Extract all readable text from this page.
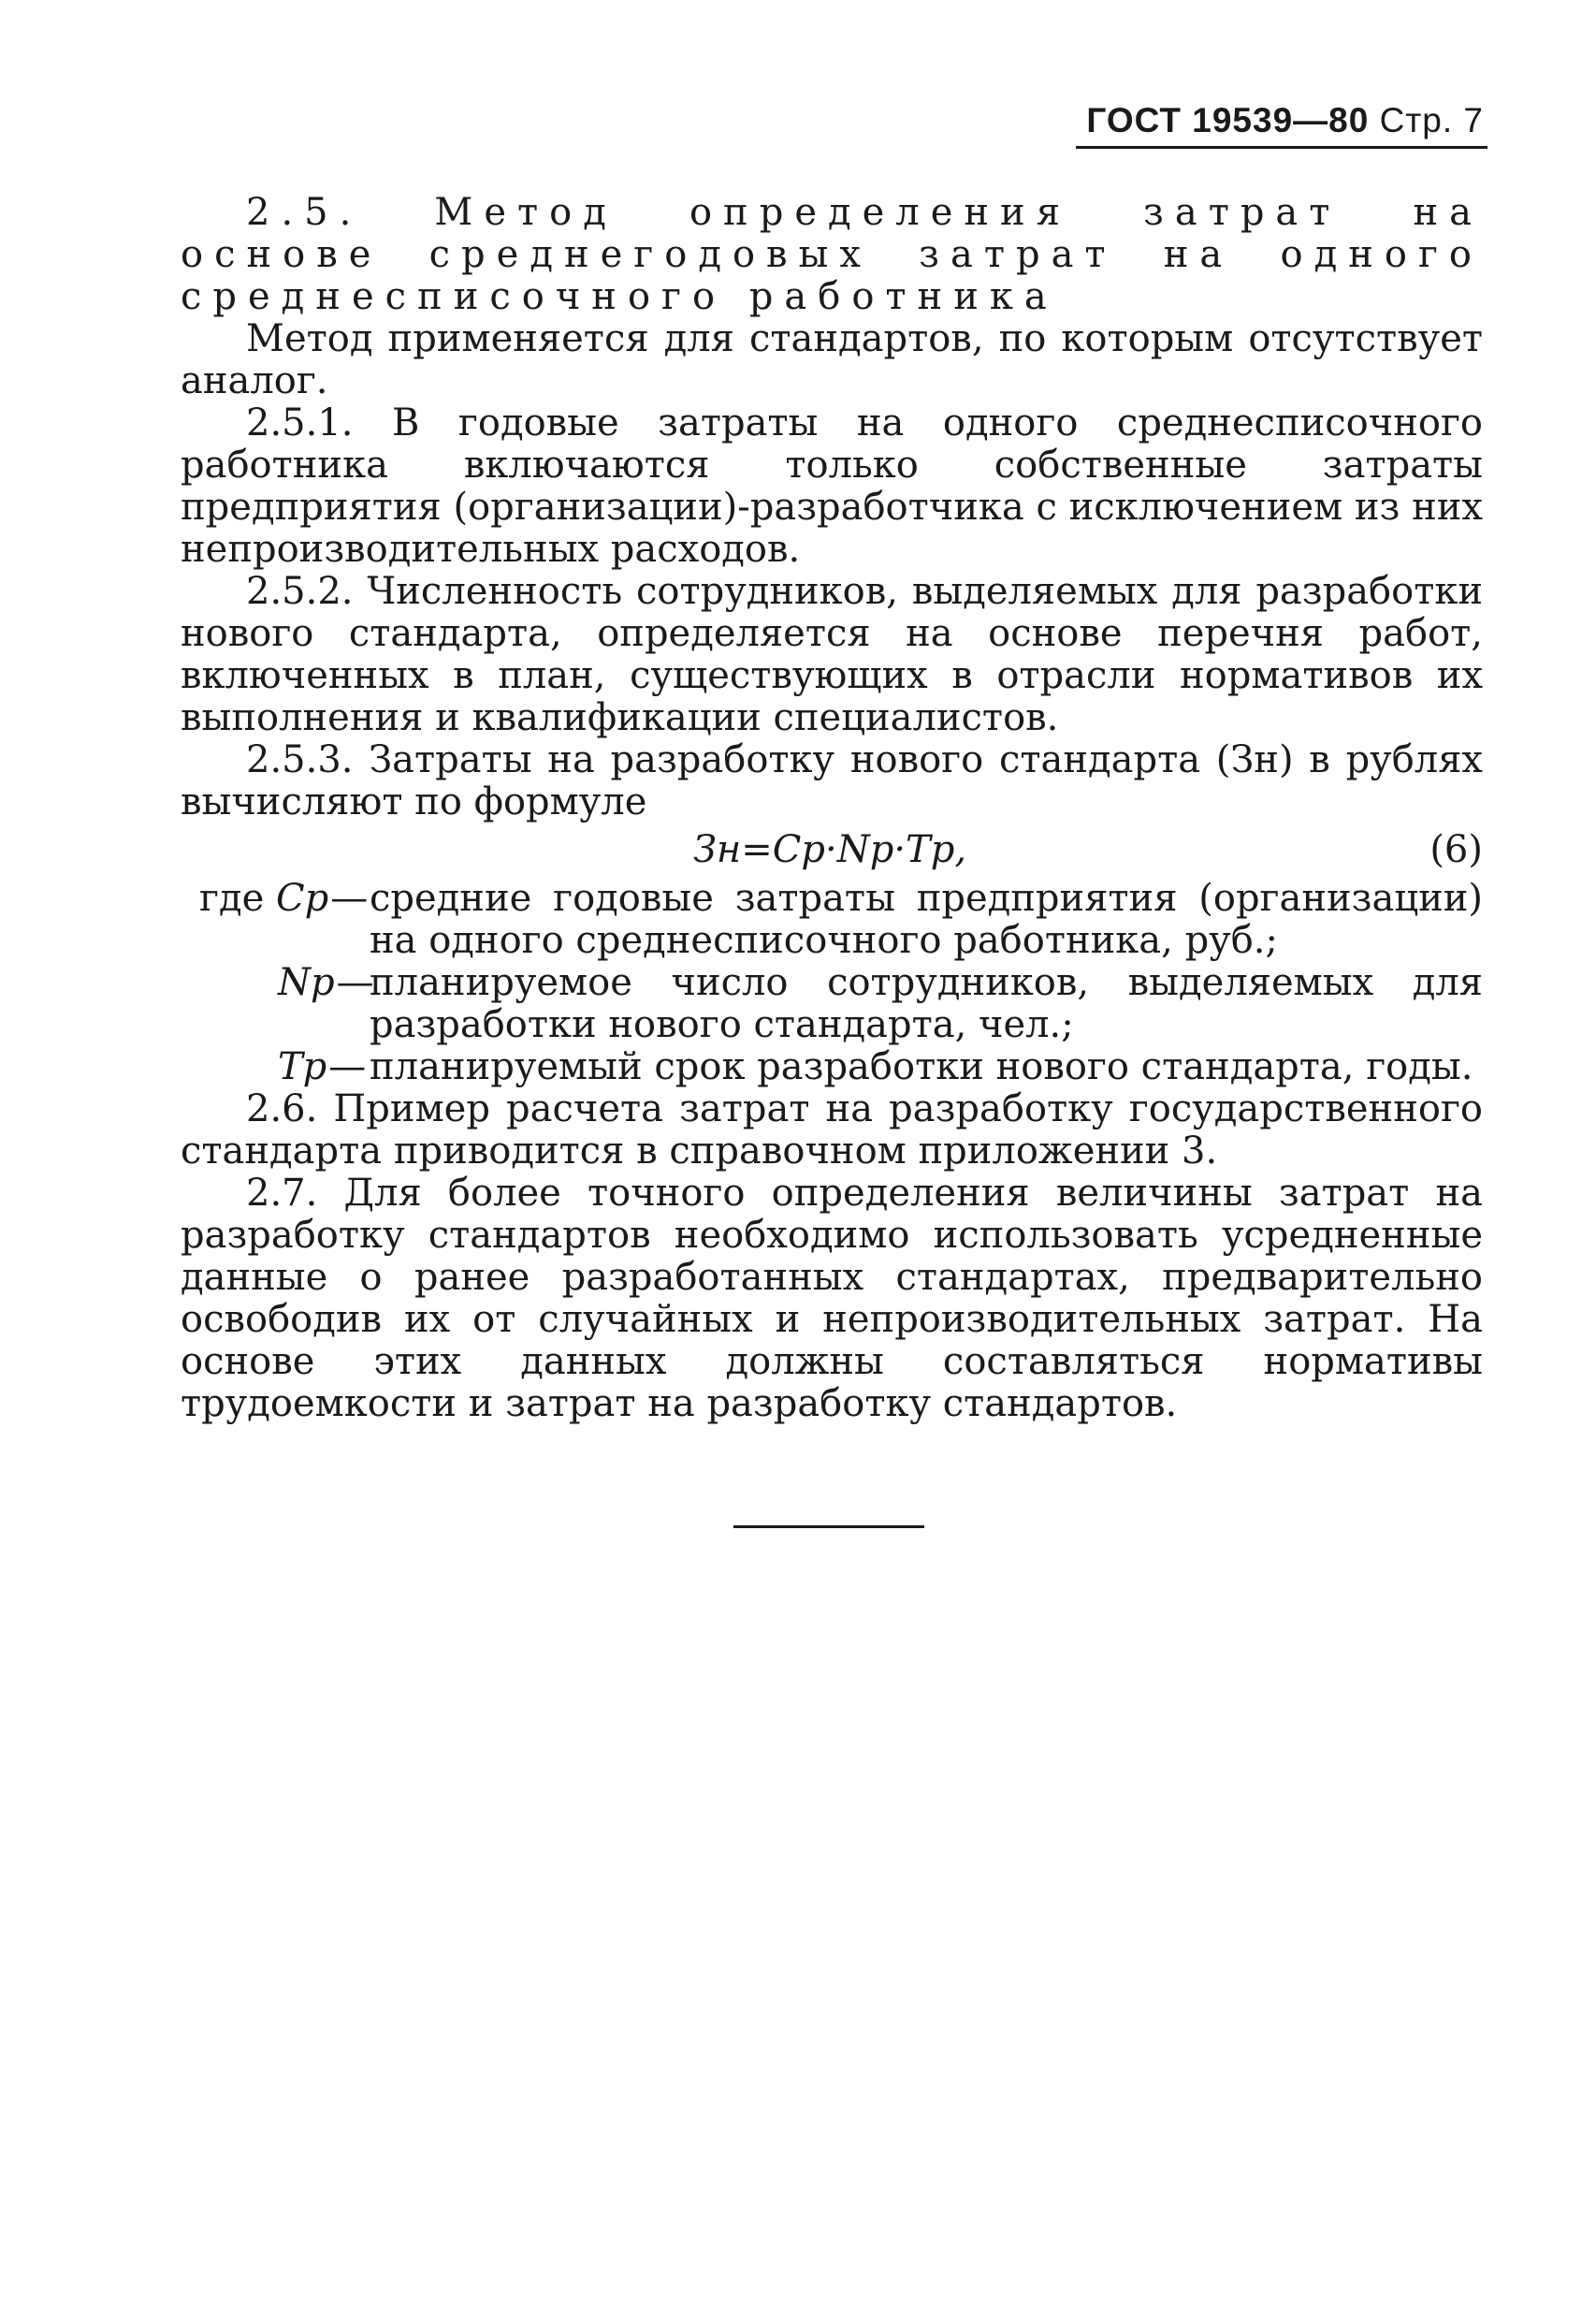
ГОСТ 19539—80 Стр. 7

2.5. Метод определения затрат на основе среднегодовых затрат на одного среднесписочного работника

Метод применяется для стандартов, по которым отсутствует аналог.

2.5.1. В годовые затраты на одного среднесписочного работника включаются только собственные затраты предприятия (организации)-разработчика с исключением из них непроизводительных расходов.

2.5.2. Численность сотрудников, выделяемых для разработки нового стандарта, определяется на основе перечня работ, включенных в план, существующих в отрасли нормативов их выполнения и квалификации специалистов.

2.5.3. Затраты на разработку нового стандарта (Зн) в рублях вычисляют по формуле

Зн=Cр·Nр·Tр,	(6)
где Cр— средние годовые затраты предприятия (организации) на одного среднесписочного работника, руб.;
Nр—
планируемое число сотрудников, выделяемых для разработки нового стандарта, чел.;
Tр— планируемый срок разработки нового стандарта, годы.

2.6. Пример расчета затрат на разработку государственного стандарта приводится в справочном приложении 3.

2.7. Для более точного определения величины затрат на разработку стандартов необходимо использовать усредненные данные о ранее разработанных стандартах, предварительно освободив их от случайных и непроизводительных затрат. На основе этих данных должны составляться нормативы трудоемкости и затрат на разработку стандартов.
